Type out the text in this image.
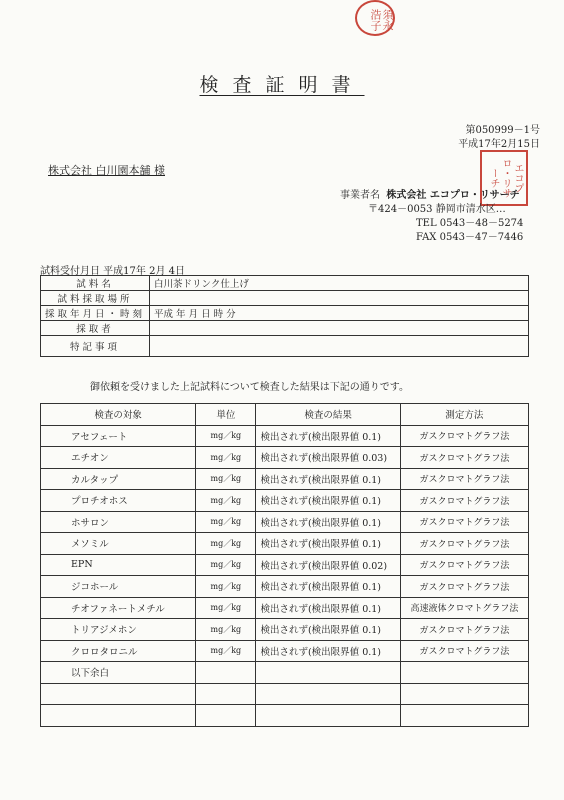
須永 浩子
エコプロ・リサーチ
検査証明書
第050999－1号
平成17年2月15日
株式会社 白川園本舗 様
事業者名 株式会社 エコプロ・リサーチ
〒424－0053 静岡市清水区…
TEL 0543－48－5274
FAX 0543－47－7446
試料受付月日 平成17年 2月 4日
試料名	白川茶ドリンク仕上げ
試料採取場所	
採取年月日・時刻	平成 年 月 日 時 分
採取者	
特記事項	
御依頼を受けました上記試料について検査した結果は下記の通りです。
検査の対象	単位	検査の結果	測定方法
アセフェート	mg／kg	検出されず(検出限界値 0.1)	ガスクロマトグラフ法
エチオン	mg／kg	検出されず(検出限界値 0.03)	ガスクロマトグラフ法
カルタップ	mg／kg	検出されず(検出限界値 0.1)	ガスクロマトグラフ法
プロチオホス	mg／kg	検出されず(検出限界値 0.1)	ガスクロマトグラフ法
ホサロン	mg／kg	検出されず(検出限界値 0.1)	ガスクロマトグラフ法
メソミル	mg／kg	検出されず(検出限界値 0.1)	ガスクロマトグラフ法
EPN	mg／kg	検出されず(検出限界値 0.02)	ガスクロマトグラフ法
ジコホール	mg／kg	検出されず(検出限界値 0.1)	ガスクロマトグラフ法
チオファネートメチル	mg／kg	検出されず(検出限界値 0.1)	高速液体クロマトグラフ法
トリアジメホン	mg／kg	検出されず(検出限界値 0.1)	ガスクロマトグラフ法
クロロタロニル	mg／kg	検出されず(検出限界値 0.1)	ガスクロマトグラフ法
以下余白			
